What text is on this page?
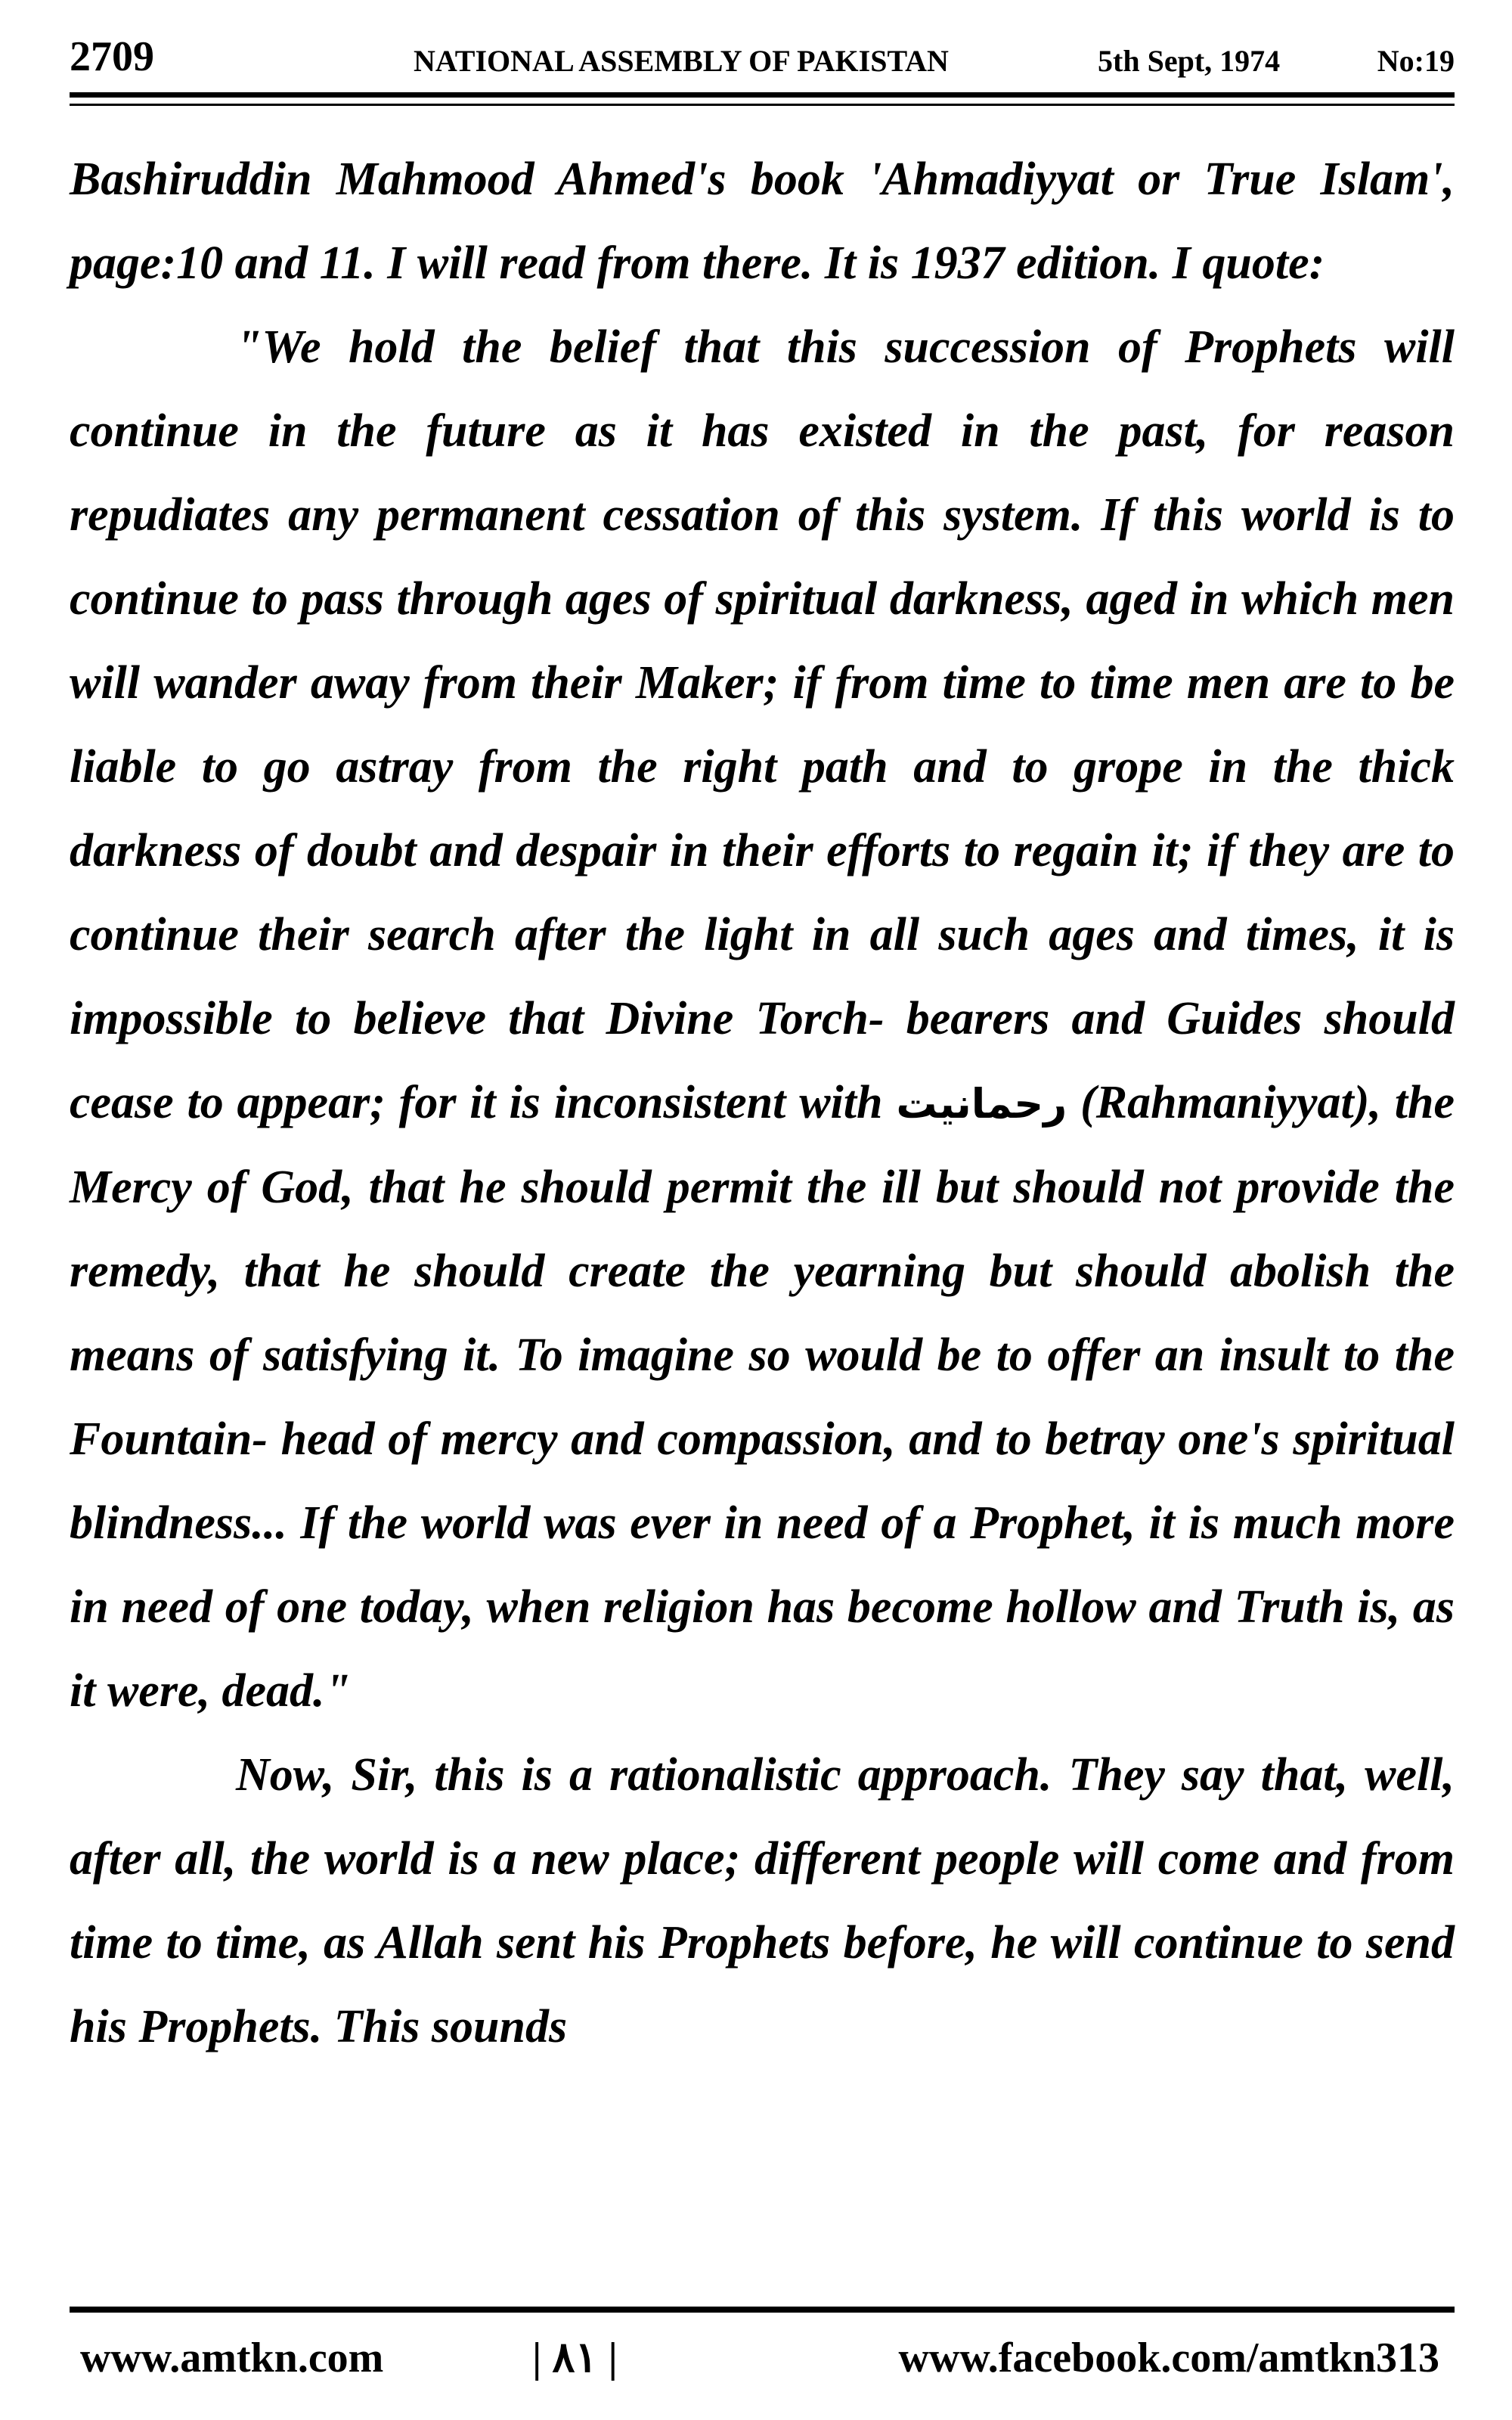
2709	NATIONAL ASSEMBLY OF PAKISTAN	5th Sept, 1974	No:19

Bashiruddin Mahmood Ahmed's book 'Ahmadiyyat or True Islam', page:10 and 11. I will read from there. It is 1937 edition. I quote:

"We hold the belief that this succession of Prophets will continue in the future as it has existed in the past, for reason repudiates any permanent cessation of this system. If this world is to continue to pass through ages of spiritual darkness, aged in which men will wander away from their Maker; if from time to time men are to be liable to go astray from the right path and to grope in the thick darkness of doubt and despair in their efforts to regain it; if they are to continue their search after the light in all such ages and times, it is impossible to believe that Divine Torch- bearers and Guides should cease to appear; for it is inconsistent with رحمانیت (Rahmaniyyat), the Mercy of God, that he should permit the ill but should not provide the remedy, that he should create the yearning but should abolish the means of satisfying it. To imagine so would be to offer an insult to the Fountain- head of mercy and compassion, and to betray one's spiritual blindness... If the world was ever in need of a Prophet, it is much more in need of one today, when religion has become hollow and Truth is, as it were, dead."

Now, Sir, this is a rationalistic approach. They say that, well, after all, the world is a new place; different people will come and from time to time, as Allah sent his Prophets before, he will continue to send his Prophets. This sounds

www.amtkn.com	| ٨١ |	www.facebook.com/amtkn313
